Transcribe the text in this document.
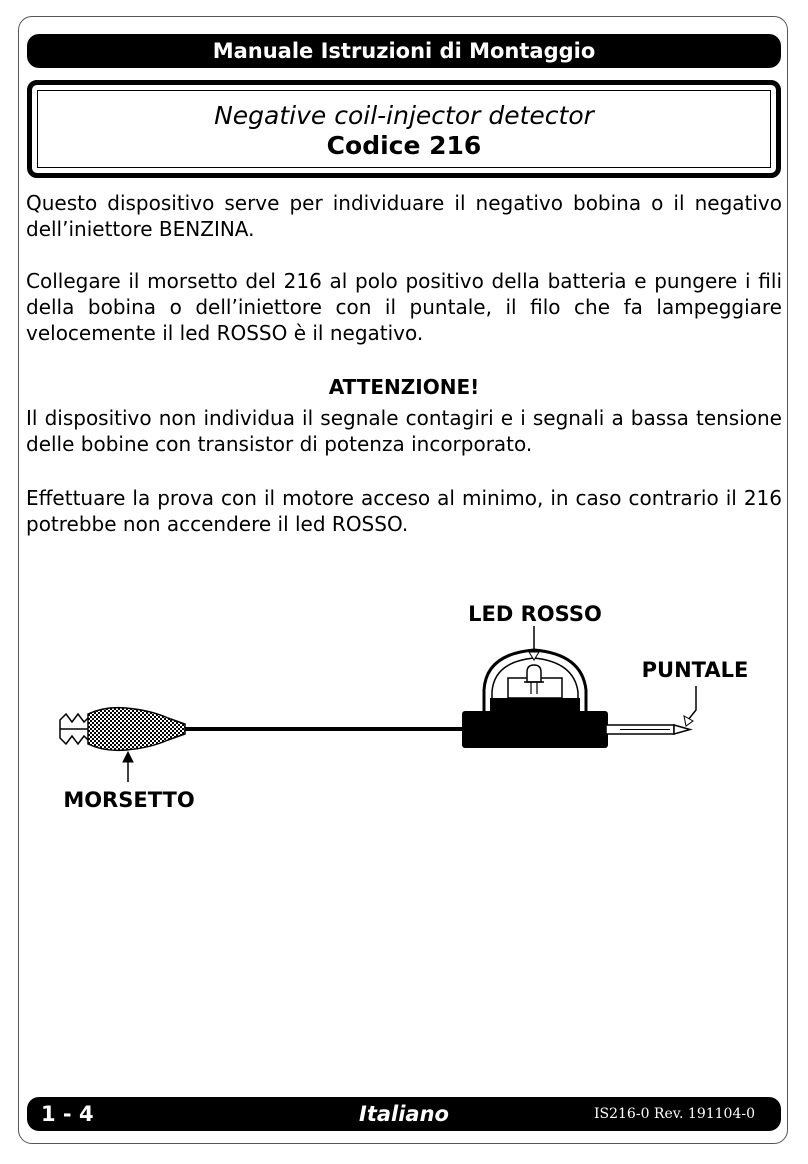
Manuale Istruzioni di Montaggio
Negative coil-injector detector
Codice 216

Questo dispositivo serve per individuare il negativo bobina o il negativo dell’iniettore BENZINA.

Collegare il morsetto del 216 al polo positivo della batteria e pungere i fili della bobina o dell’iniettore con il puntale, il filo che fa lampeggiare velocemente il led ROSSO è il negativo.

ATTENZIONE!

Il dispositivo non individua il segnale contagiri e i segnali a bassa tensione delle bobine con transistor di potenza incorporato.

Effettuare la prova con il motore acceso al minimo, in caso contrario il 216 potrebbe non accendere il led ROSSO.

LED ROSSO
PUNTALE
MORSETTO
1 - 4	Italiano	IS216-0 Rev. 191104-0
